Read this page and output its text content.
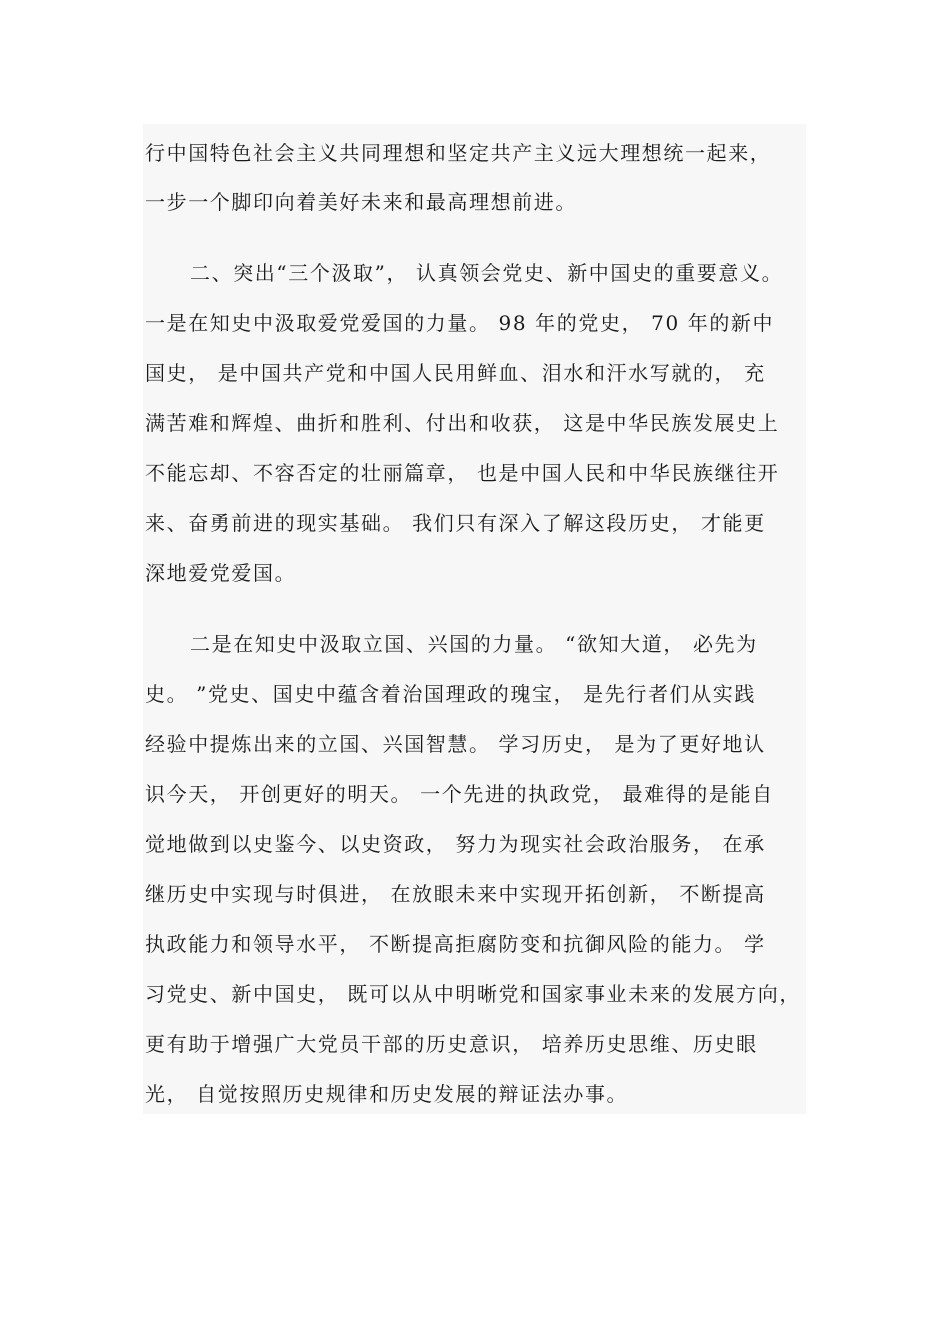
行中国特色社会主义共同理想和坚定共产主义远大理想统一起来，
一步一个脚印向着美好未来和最高理想前进。
二、突出“三个汲取”， 认真领会党史、新中国史的重要意义。
一是在知史中汲取爱党爱国的力量。 98 年的党史， 70 年的新中
国史， 是中国共产党和中国人民用鲜血、泪水和汗水写就的， 充
满苦难和辉煌、曲折和胜利、付出和收获， 这是中华民族发展史上
不能忘却、不容否定的壮丽篇章， 也是中国人民和中华民族继往开
来、奋勇前进的现实基础。 我们只有深入了解这段历史， 才能更
深地爱党爱国。
二是在知史中汲取立国、兴国的力量。 “欲知大道， 必先为
史。 ”党史、国史中蕴含着治国理政的瑰宝， 是先行者们从实践
经验中提炼出来的立国、兴国智慧。 学习历史， 是为了更好地认
识今天， 开创更好的明天。 一个先进的执政党， 最难得的是能自
觉地做到以史鉴今、以史资政， 努力为现实社会政治服务， 在承
继历史中实现与时俱进， 在放眼未来中实现开拓创新， 不断提高
执政能力和领导水平， 不断提高拒腐防变和抗御风险的能力。 学
习党史、新中国史， 既可以从中明晰党和国家事业未来的发展方向，
更有助于增强广大党员干部的历史意识， 培养历史思维、历史眼
光， 自觉按照历史规律和历史发展的辩证法办事。
